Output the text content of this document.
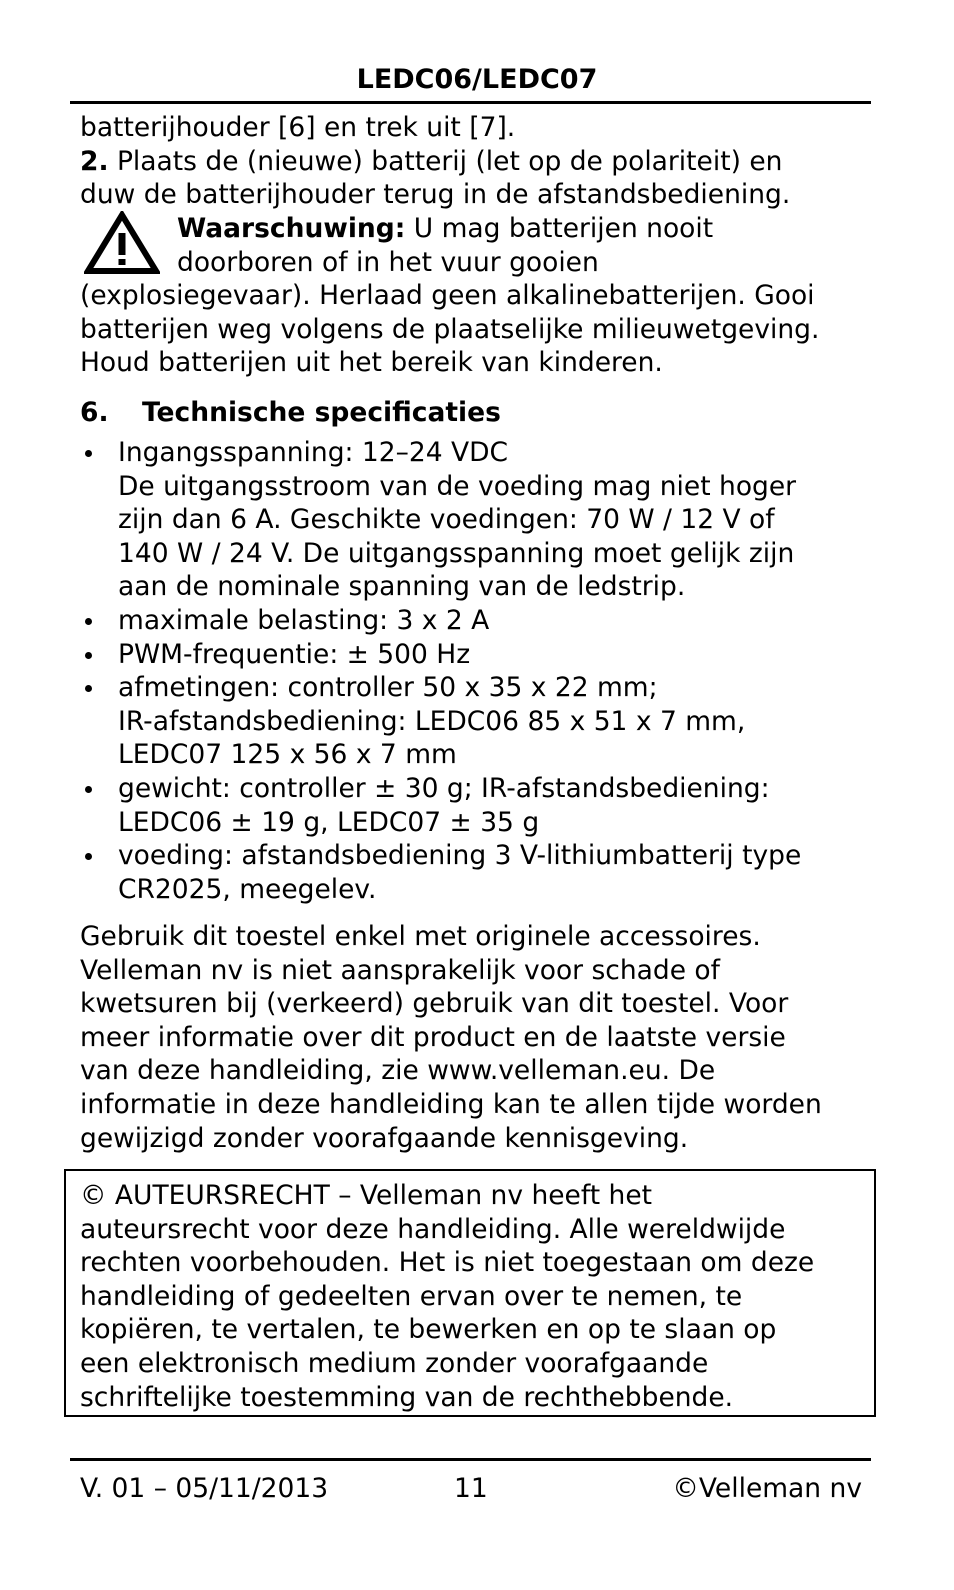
LEDC06/LEDC07
batterijhouder [6] en trek uit [7].
2. Plaats de (nieuwe) batterij (let op de polariteit) en
duw de batterijhouder terug in de afstandsbediening.
Waarschuwing: U mag batterijen nooit
doorboren of in het vuur gooien
(explosiegevaar). Herlaad geen alkalinebatterijen. Gooi
batterijen weg volgens de plaatselijke milieuwetgeving.
Houd batterijen uit het bereik van kinderen.
6. Technische specificaties
Ingangsspanning: 12–24 VDC
De uitgangsstroom van de voeding mag niet hoger
zijn dan 6 A. Geschikte voedingen: 70 W / 12 V of
140 W / 24 V. De uitgangsspanning moet gelijk zijn
aan de nominale spanning van de ledstrip.
maximale belasting: 3 x 2 A
PWM-frequentie: ± 500 Hz
afmetingen: controller 50 x 35 x 22 mm;
IR-afstandsbediening: LEDC06 85 x 51 x 7 mm,
LEDC07 125 x 56 x 7 mm
gewicht: controller ± 30 g; IR-afstandsbediening:
LEDC06 ± 19 g, LEDC07 ± 35 g
voeding: afstandsbediening 3 V-lithiumbatterij type
CR2025, meegelev.
Gebruik dit toestel enkel met originele accessoires.
Velleman nv is niet aansprakelijk voor schade of
kwetsuren bij (verkeerd) gebruik van dit toestel. Voor
meer informatie over dit product en de laatste versie
van deze handleiding, zie www.velleman.eu. De
informatie in deze handleiding kan te allen tijde worden
gewijzigd zonder voorafgaande kennisgeving.
© AUTEURSRECHT – Velleman nv heeft het
auteursrecht voor deze handleiding. Alle wereldwijde
rechten voorbehouden. Het is niet toegestaan om deze
handleiding of gedeelten ervan over te nemen, te
kopiëren, te vertalen, te bewerken en op te slaan op
een elektronisch medium zonder voorafgaande
schriftelijke toestemming van de rechthebbende.
V. 01 – 05/11/2013	11	©Velleman nv
